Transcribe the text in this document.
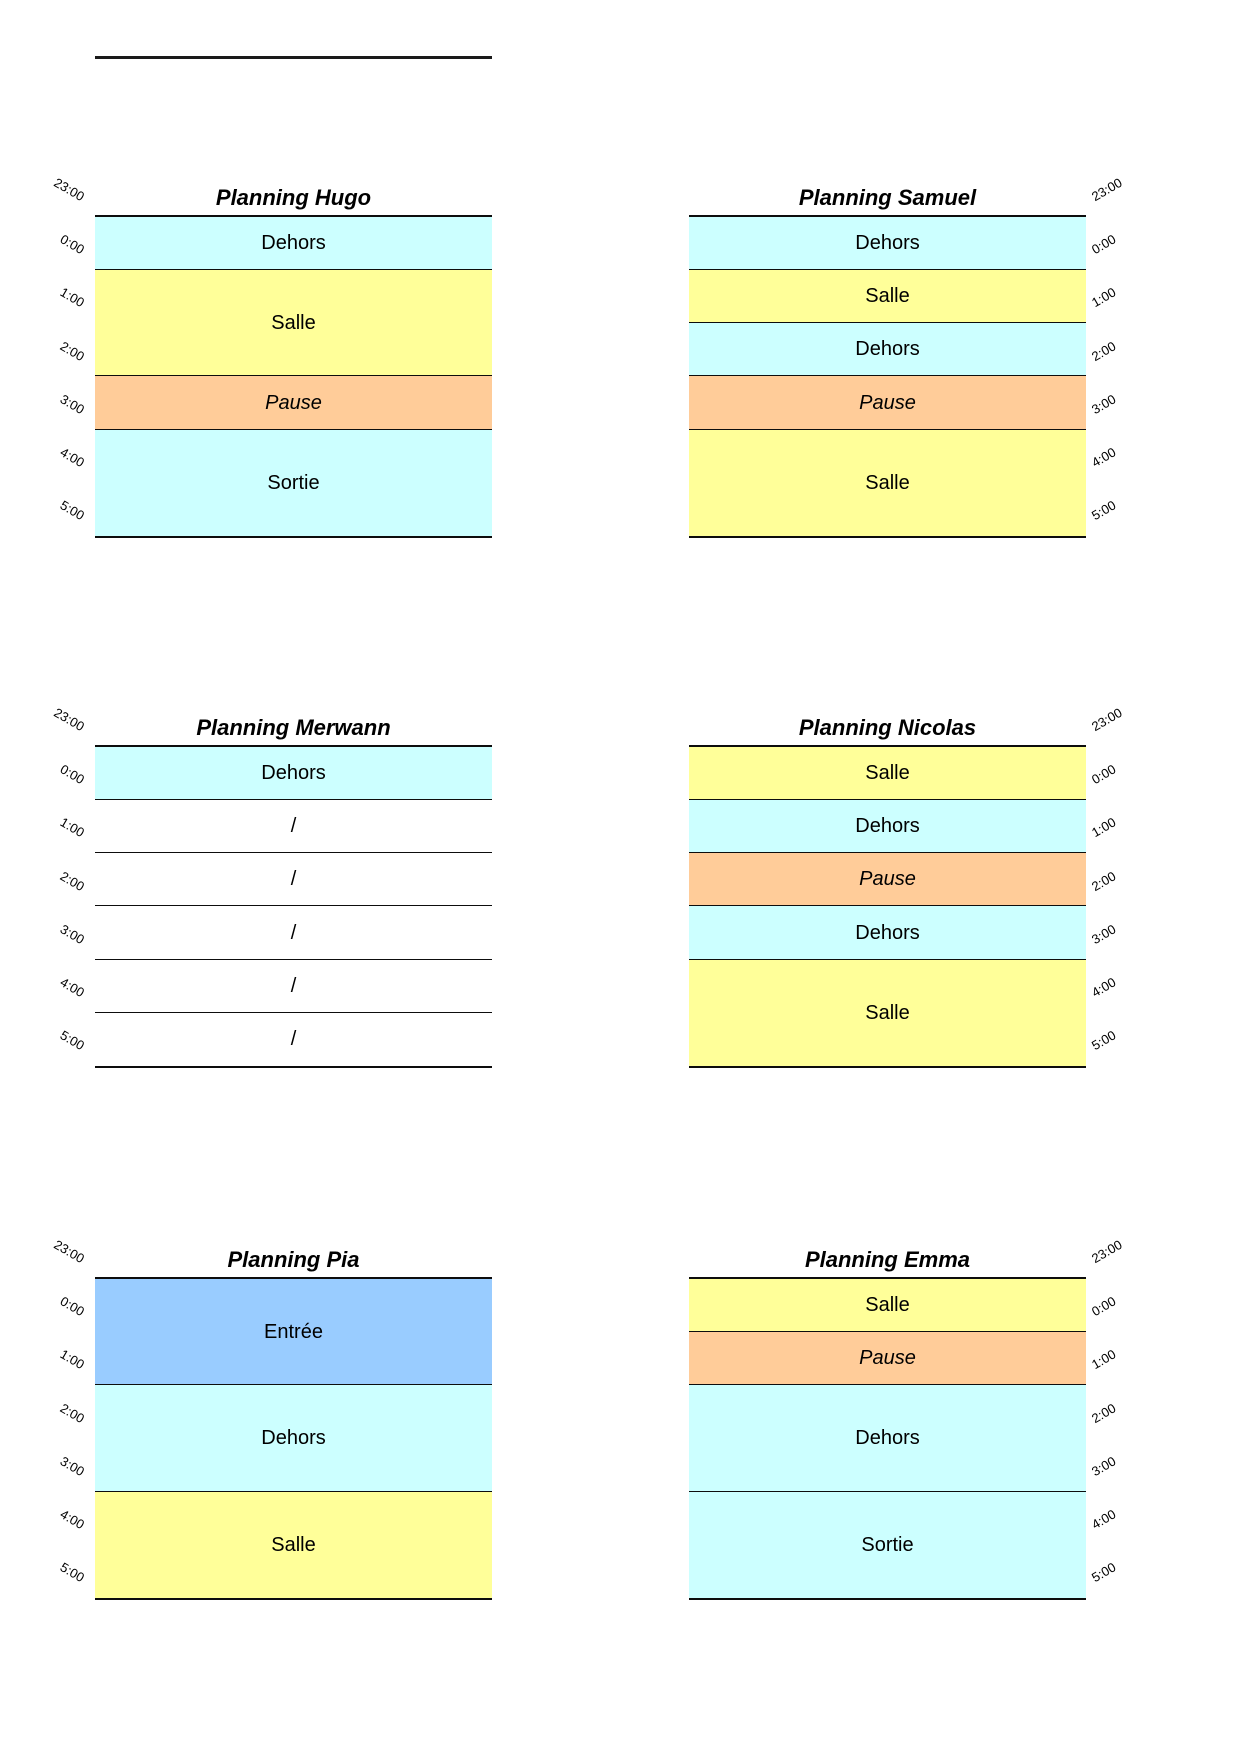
Planning Hugo
Dehors
Salle
Pause
Sortie
23:00
0:00
1:00
2:00
3:00
4:00
5:00
Planning Samuel
Dehors
Salle
Dehors
Pause
Salle
23:00
0:00
1:00
2:00
3:00
4:00
5:00
Planning Merwann
Dehors
/
/
/
/
/
23:00
0:00
1:00
2:00
3:00
4:00
5:00
Planning Nicolas
Salle
Dehors
Pause
Dehors
Salle
23:00
0:00
1:00
2:00
3:00
4:00
5:00
Planning Pia
Entrée
Dehors
Salle
23:00
0:00
1:00
2:00
3:00
4:00
5:00
Planning Emma
Salle
Pause
Dehors
Sortie
23:00
0:00
1:00
2:00
3:00
4:00
5:00
